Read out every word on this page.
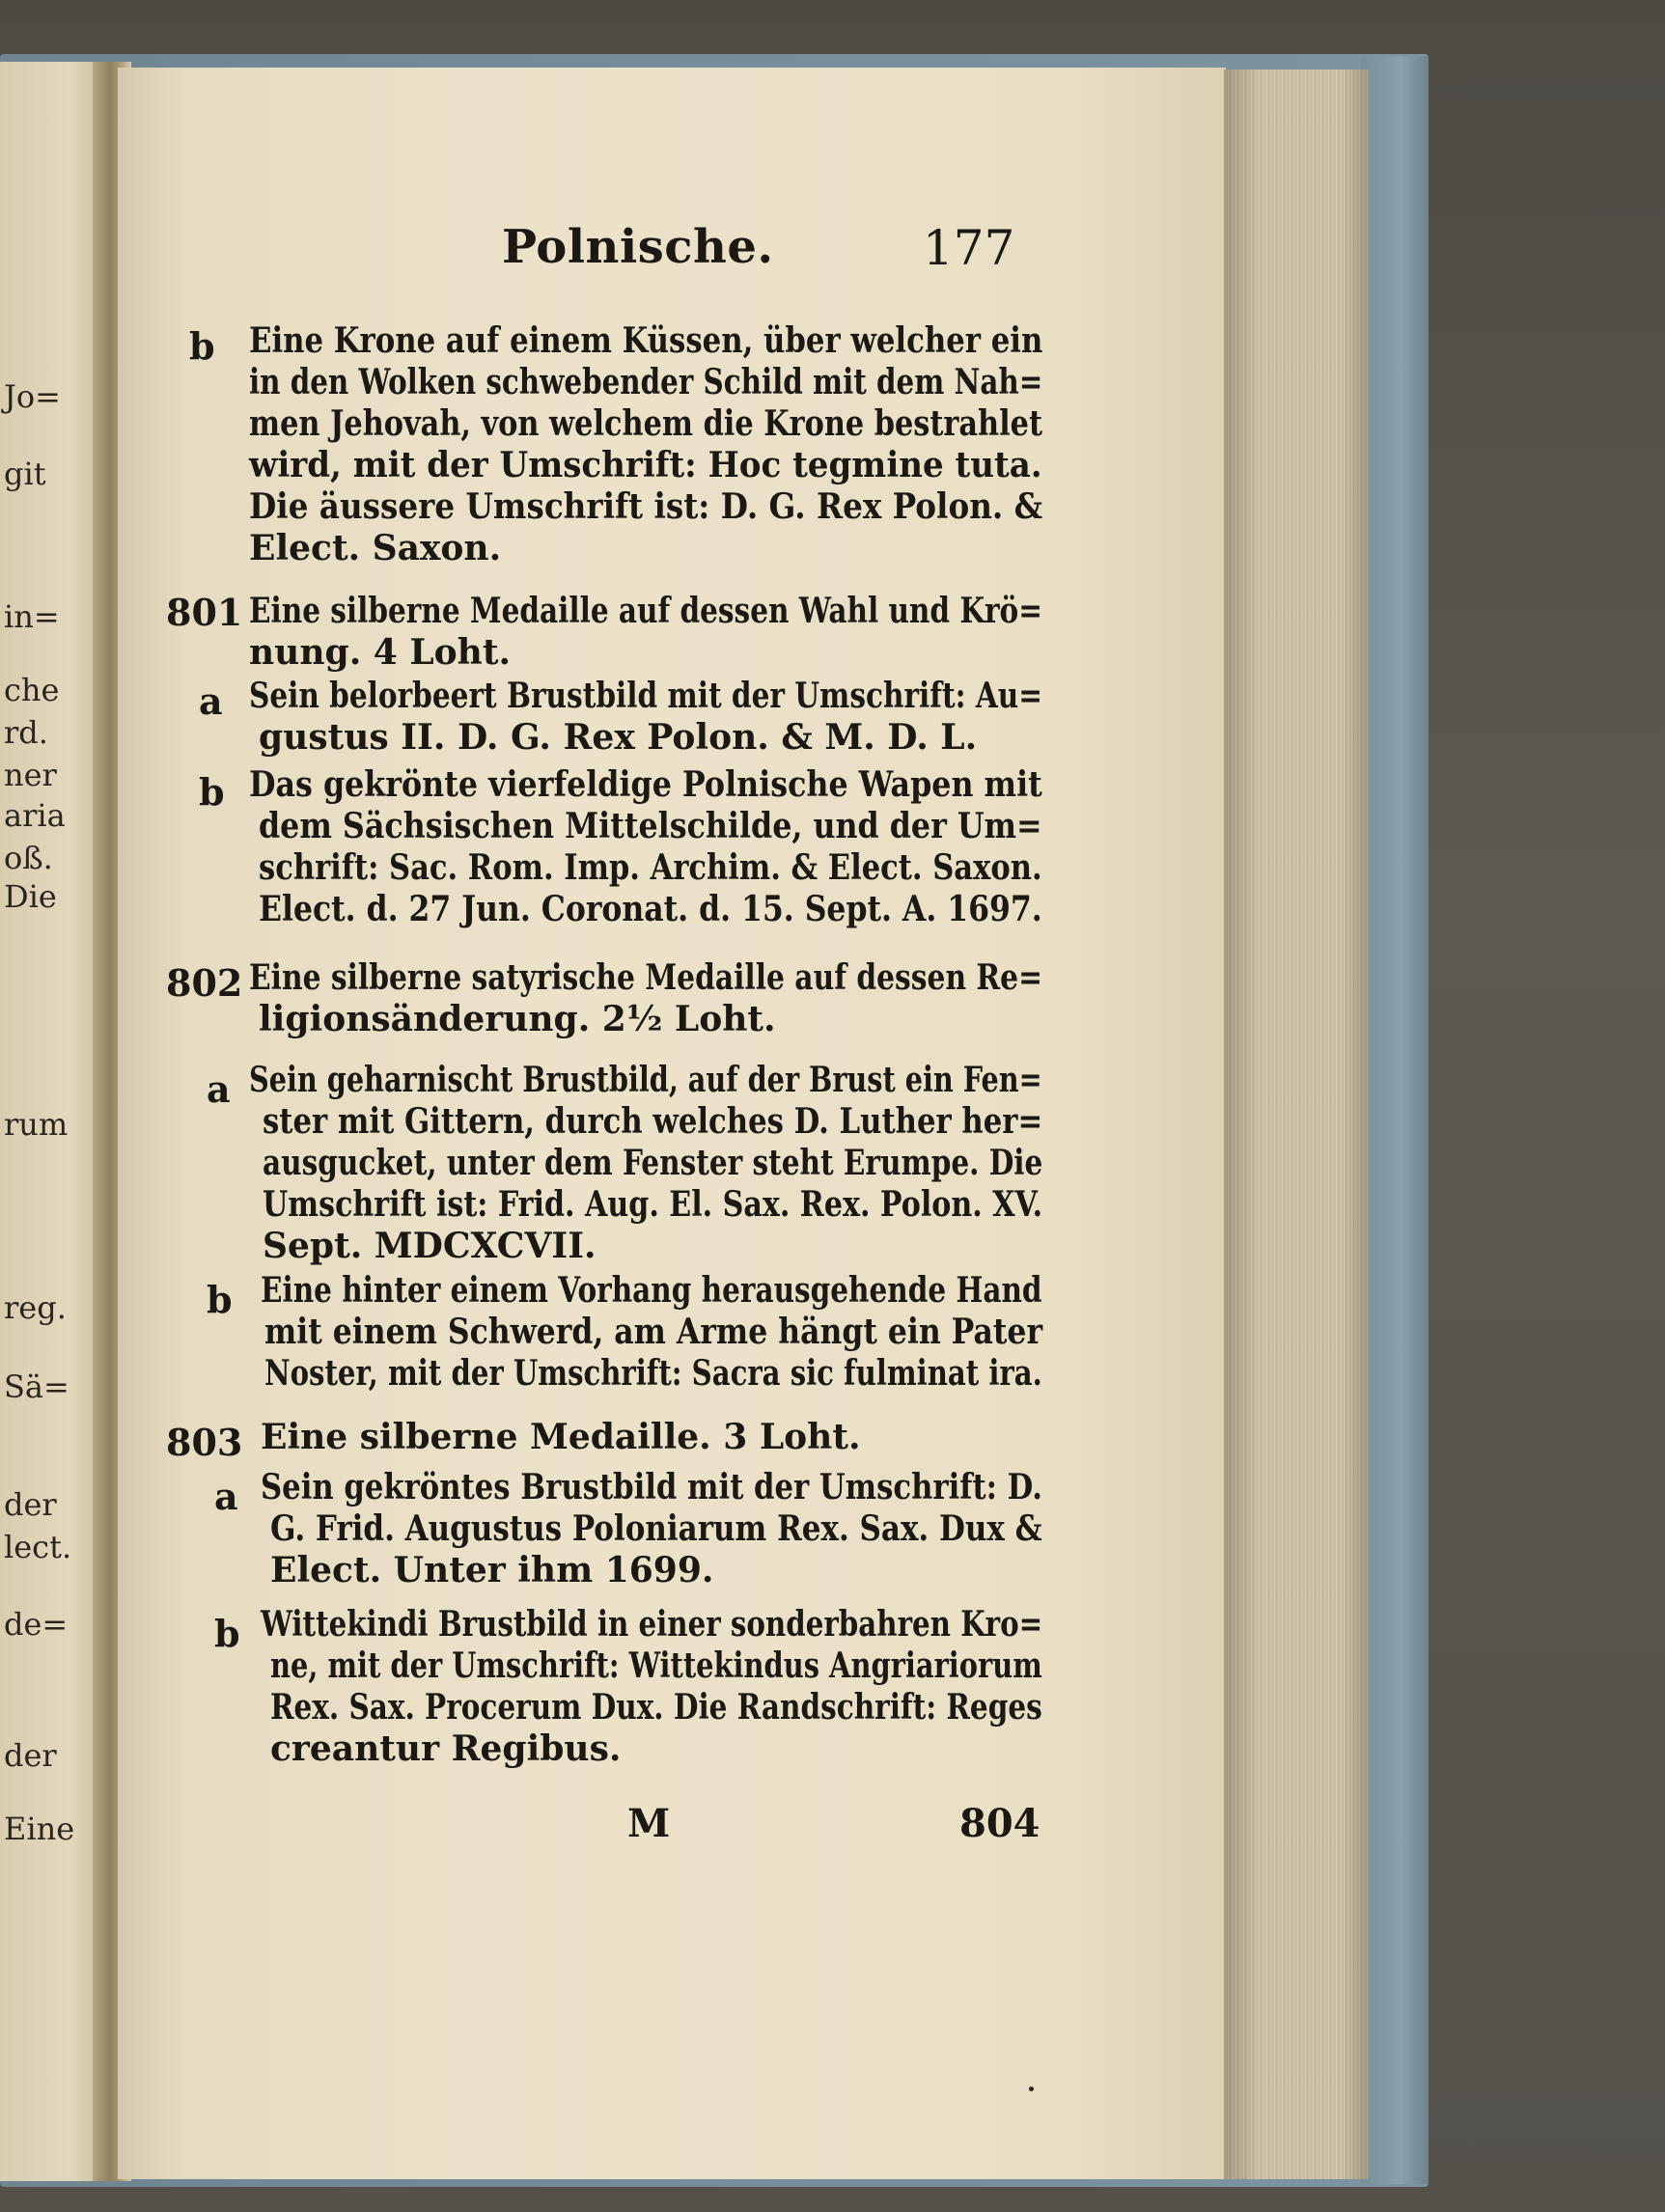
Jo=
git
in=
che
rd.
ner
aria
oß.
Die
rum
reg.
Sä=
der
lect.
de=
der
Eine
Polnische.	177
b Eine Krone auf einem Küssen, über welcher ein
in den Wolken schwebender Schild mit dem Nah=
men Jehovah, von welchem die Krone bestrahlet
wird, mit der Umschrift: Hoc tegmine tuta.
Die äussere Umschrift ist: D. G. Rex Polon. &
Elect. Saxon.
801 Eine silberne Medaille auf dessen Wahl und Krö=
nung. 4 Loht.
a Sein belorbeert Brustbild mit der Umschrift: Au=
gustus II. D. G. Rex Polon. & M. D. L.
b Das gekrönte vierfeldige Polnische Wapen mit
dem Sächsischen Mittelschilde, und der Um=
schrift: Sac. Rom. Imp. Archim. & Elect. Saxon.
Elect. d. 27 Jun. Coronat. d. 15. Sept. A. 1697.
802 Eine silberne satyrische Medaille auf dessen Re=
ligionsänderung. 2½ Loht.
a Sein geharnischt Brustbild, auf der Brust ein Fen=
ster mit Gittern, durch welches D. Luther her=
ausgucket, unter dem Fenster steht Erumpe. Die
Umschrift ist: Frid. Aug. El. Sax. Rex. Polon. XV.
Sept. MDCXCVII.
b Eine hinter einem Vorhang herausgehende Hand
mit einem Schwerd, am Arme hängt ein Pater
Noster, mit der Umschrift: Sacra sic fulminat ira.
803 Eine silberne Medaille. 3 Loht.
a Sein gekröntes Brustbild mit der Umschrift: D.
G. Frid. Augustus Poloniarum Rex. Sax. Dux &
Elect. Unter ihm 1699.
b Wittekindi Brustbild in einer sonderbahren Kro=
ne, mit der Umschrift: Wittekindus Angriariorum
Rex. Sax. Procerum Dux. Die Randschrift: Reges
creantur Regibus.
M	804
